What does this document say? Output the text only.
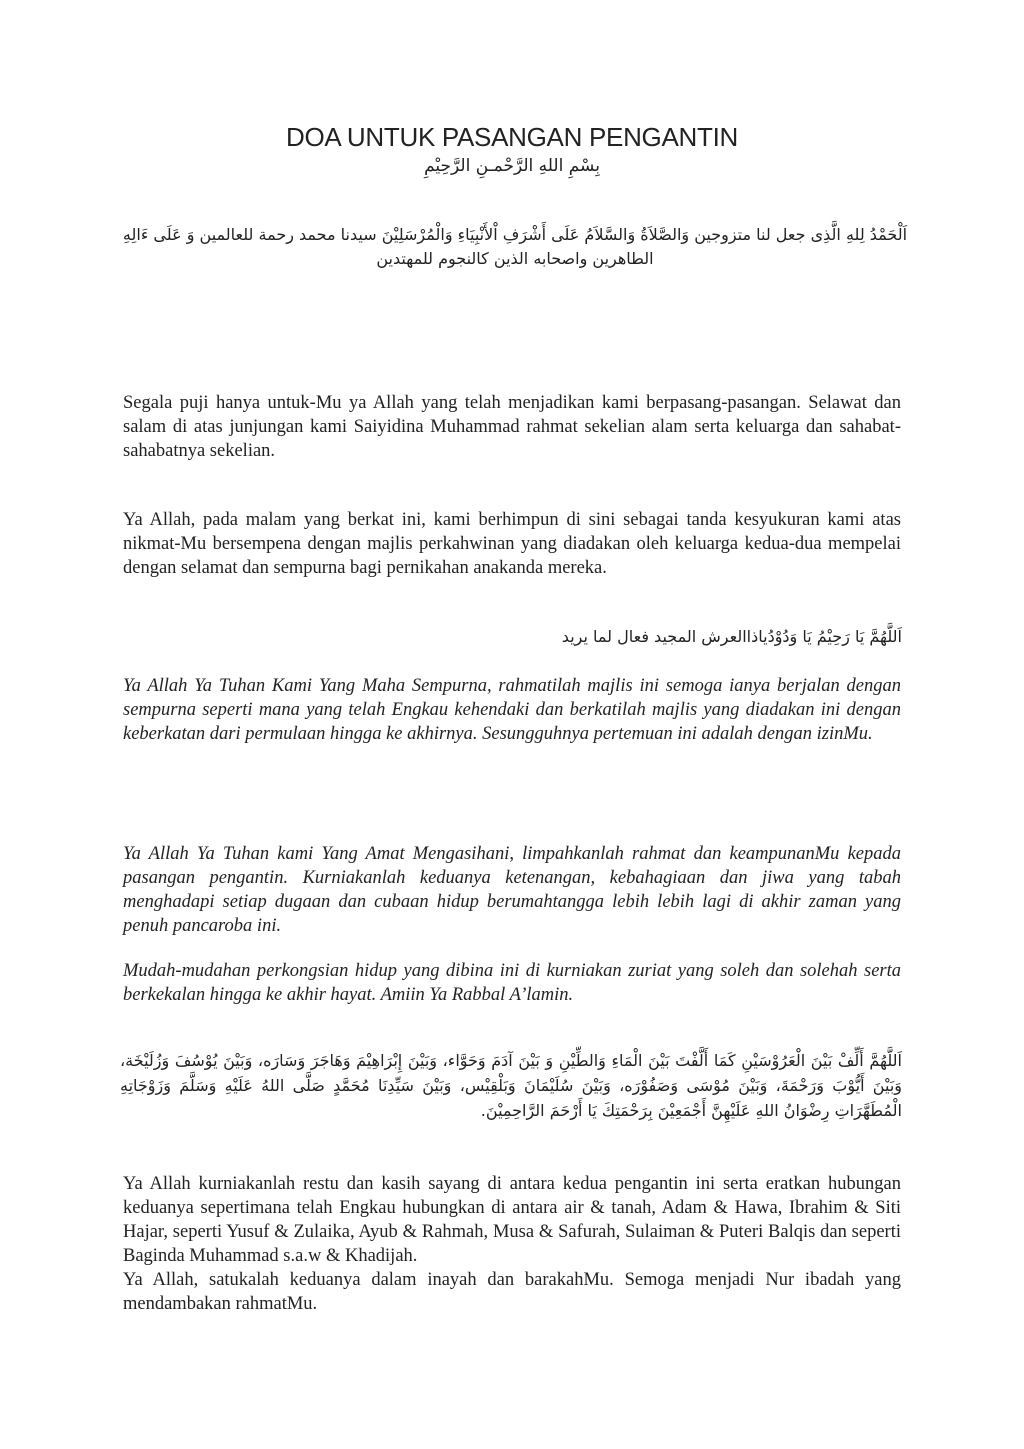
DOA UNTUK PASANGAN PENGANTIN
بِسْمِ اللهِ الرَّحْمـنِ الرَّحِيْمِ
اَلْحَمْدُ لِلهِ الَّذِى جعل لنا متزوجين وَالصَّلاَةُ وَالسَّلاَمُ عَلَى أَشْرَفِ اْلأَنْبِيَاءِ وَالْمُرْسَلِيْنَ سيدنا محمد رحمة للعالمين وَ عَلَى ءَالِهِ الطاهرين واصحابه الذين كالنجوم للمهتدين

Segala puji hanya untuk-Mu ya Allah yang telah menjadikan kami berpasang-pasangan. Selawat dan salam di atas junjungan kami Saiyidina Muhammad rahmat sekelian alam serta keluarga dan sahabat-sahabatnya sekelian.

Ya Allah, pada malam yang berkat ini, kami berhimpun di sini sebagai tanda kesyukuran kami atas nikmat-Mu bersempena dengan majlis perkahwinan yang diadakan oleh keluarga kedua-dua mempelai dengan selamat dan sempurna bagi pernikahan anakanda mereka.

اَللَّهُمَّ يَا رَحِيْمُ يَا وَدُوْدُياذاالعرش المجيد فعال لما يريد

Ya Allah Ya Tuhan Kami Yang Maha Sempurna, rahmatilah majlis ini semoga ianya berjalan dengan sempurna seperti mana yang telah Engkau kehendaki dan berkatilah majlis yang diadakan ini dengan keberkatan dari permulaan hingga ke akhirnya. Sesungguhnya pertemuan ini adalah dengan izinMu.

Ya Allah Ya Tuhan kami Yang Amat Mengasihani, limpahkanlah rahmat dan keampunanMu kepada pasangan pengantin. Kurniakanlah keduanya ketenangan, kebahagiaan dan jiwa yang tabah menghadapi setiap dugaan dan cubaan hidup berumahtangga lebih lebih lagi di akhir zaman yang penuh pancaroba ini.

Mudah-mudahan perkongsian hidup yang dibina ini di kurniakan zuriat yang soleh dan solehah serta berkekalan hingga ke akhir hayat. Amiin Ya Rabbal A’lamin.

اَللَّهُمَّ أَلِّفْ بَيْنَ الْعَرُوْسَيْنِ كَمَا أَلَّفْتَ بَيْنَ الْمَاءِ وَالطِّيْنِ وَ بَيْنَ آدَمَ وَحَوَّاء، وَبَيْنَ إِبْرَاهِيْمَ وَهَاجَرَ وَسَارَه، وَبَيْنَ يُوْسُفَ وَزُلَيْخَة، وَبَيْنَ أَيُّوْبَ وَرَحْمَةَ، وَبَيْنَ مُوْسَى وَصَفُوْرَه، وَبَيْنَ سُلَيْمَانَ وَبَلْقِيْس، وَبَيْنَ سَيِّدِنَا مُحَمَّدٍ صَلَّى اللهُ عَلَيْهِ وَسَلَّمَ وَزَوْجَاتِهِ الْمُطَهَّرَاتِ رِضْوَانُ اللهِ عَلَيْهِنَّ أَجْمَعِيْنَ بِرَحْمَتِكَ يَا أَرْحَمَ الرَّاحِمِيْنَ.

Ya Allah kurniakanlah restu dan kasih sayang di antara kedua pengantin ini serta eratkan hubungan keduanya sepertimana telah Engkau hubungkan di antara air & tanah, Adam & Hawa, Ibrahim & Siti Hajar, seperti Yusuf & Zulaika, Ayub & Rahmah, Musa & Safurah, Sulaiman & Puteri Balqis dan seperti Baginda Muhammad s.a.w & Khadijah.

Ya Allah, satukalah keduanya dalam inayah dan barakahMu. Semoga menjadi Nur ibadah yang mendambakan rahmatMu.
